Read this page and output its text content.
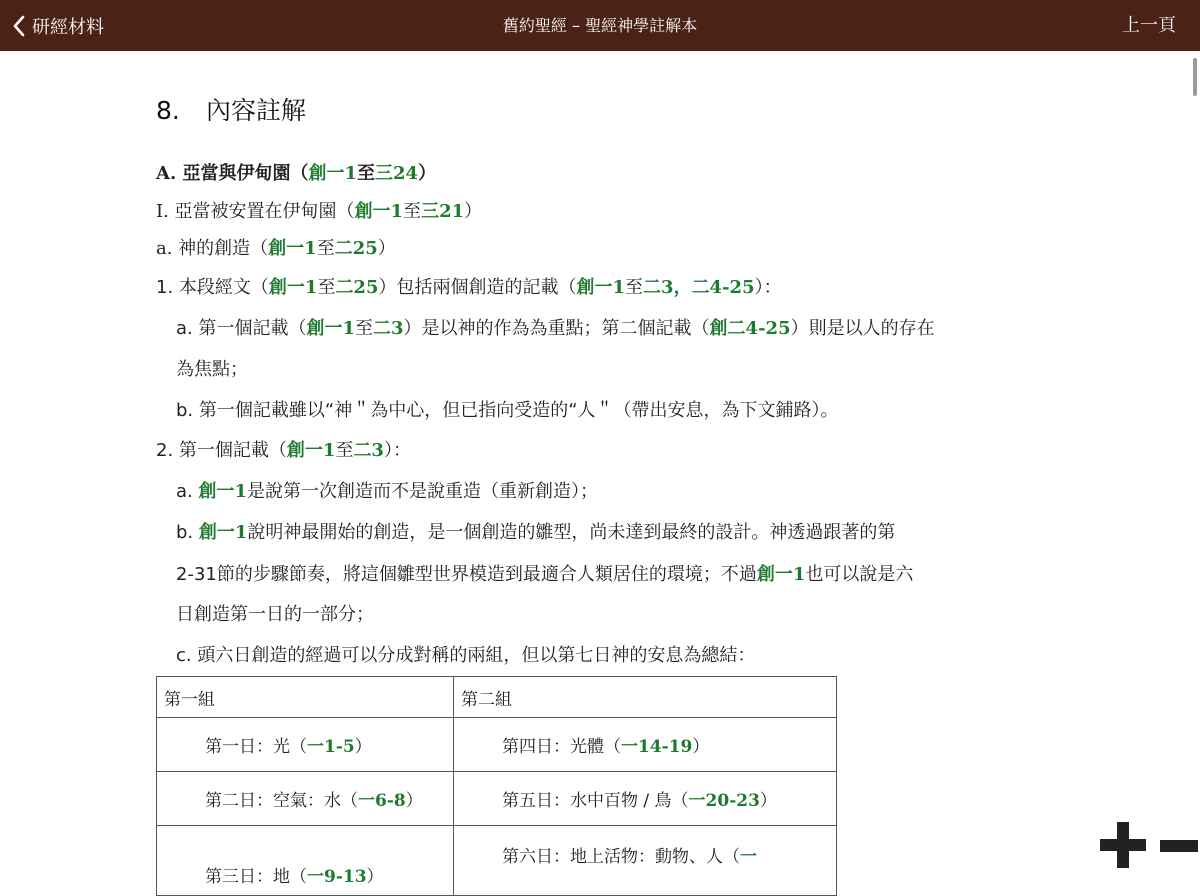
研經材料	舊約聖經 – 聖經神學註解本	上一頁
8. 內容註解
A. 亞當與伊甸園（創一1至三24）
I. 亞當被安置在伊甸園（創一1至三21）
a. 神的創造（創一1至二25）
1. 本段經文（創一1至二25）包括兩個創造的記載（創一1至二3，二4-25）：
a. 第一個記載（創一1至二3）是以神的作為為重點；第二個記載（創二4-25）則是以人的存在
為焦點；
b. 第一個記載雖以“神＂為中心，但已指向受造的“人＂（帶出安息，為下文鋪路）。
2. 第一個記載（創一1至二3）：
a. 創一1是說第一次創造而不是說重造（重新創造）；
b. 創一1說明神最開始的創造，是一個創造的雛型，尚未達到最終的設計。神透過跟著的第
2-31節的步驟節奏，將這個雛型世界模造到最適合人類居住的環境；不過創一1也可以說是六
日創造第一日的一部分；
c. 頭六日創造的經過可以分成對稱的兩組，但以第七日神的安息為總結：
第一組	第二組

第一日：光（一1-5）	第四日：光體（一14-19）

第二日：空氣：水（一6-8）	第五日：水中百物 / 鳥（一20-23）

第三日：地（一9-13）	第六日：地上活物：動物、人（一
